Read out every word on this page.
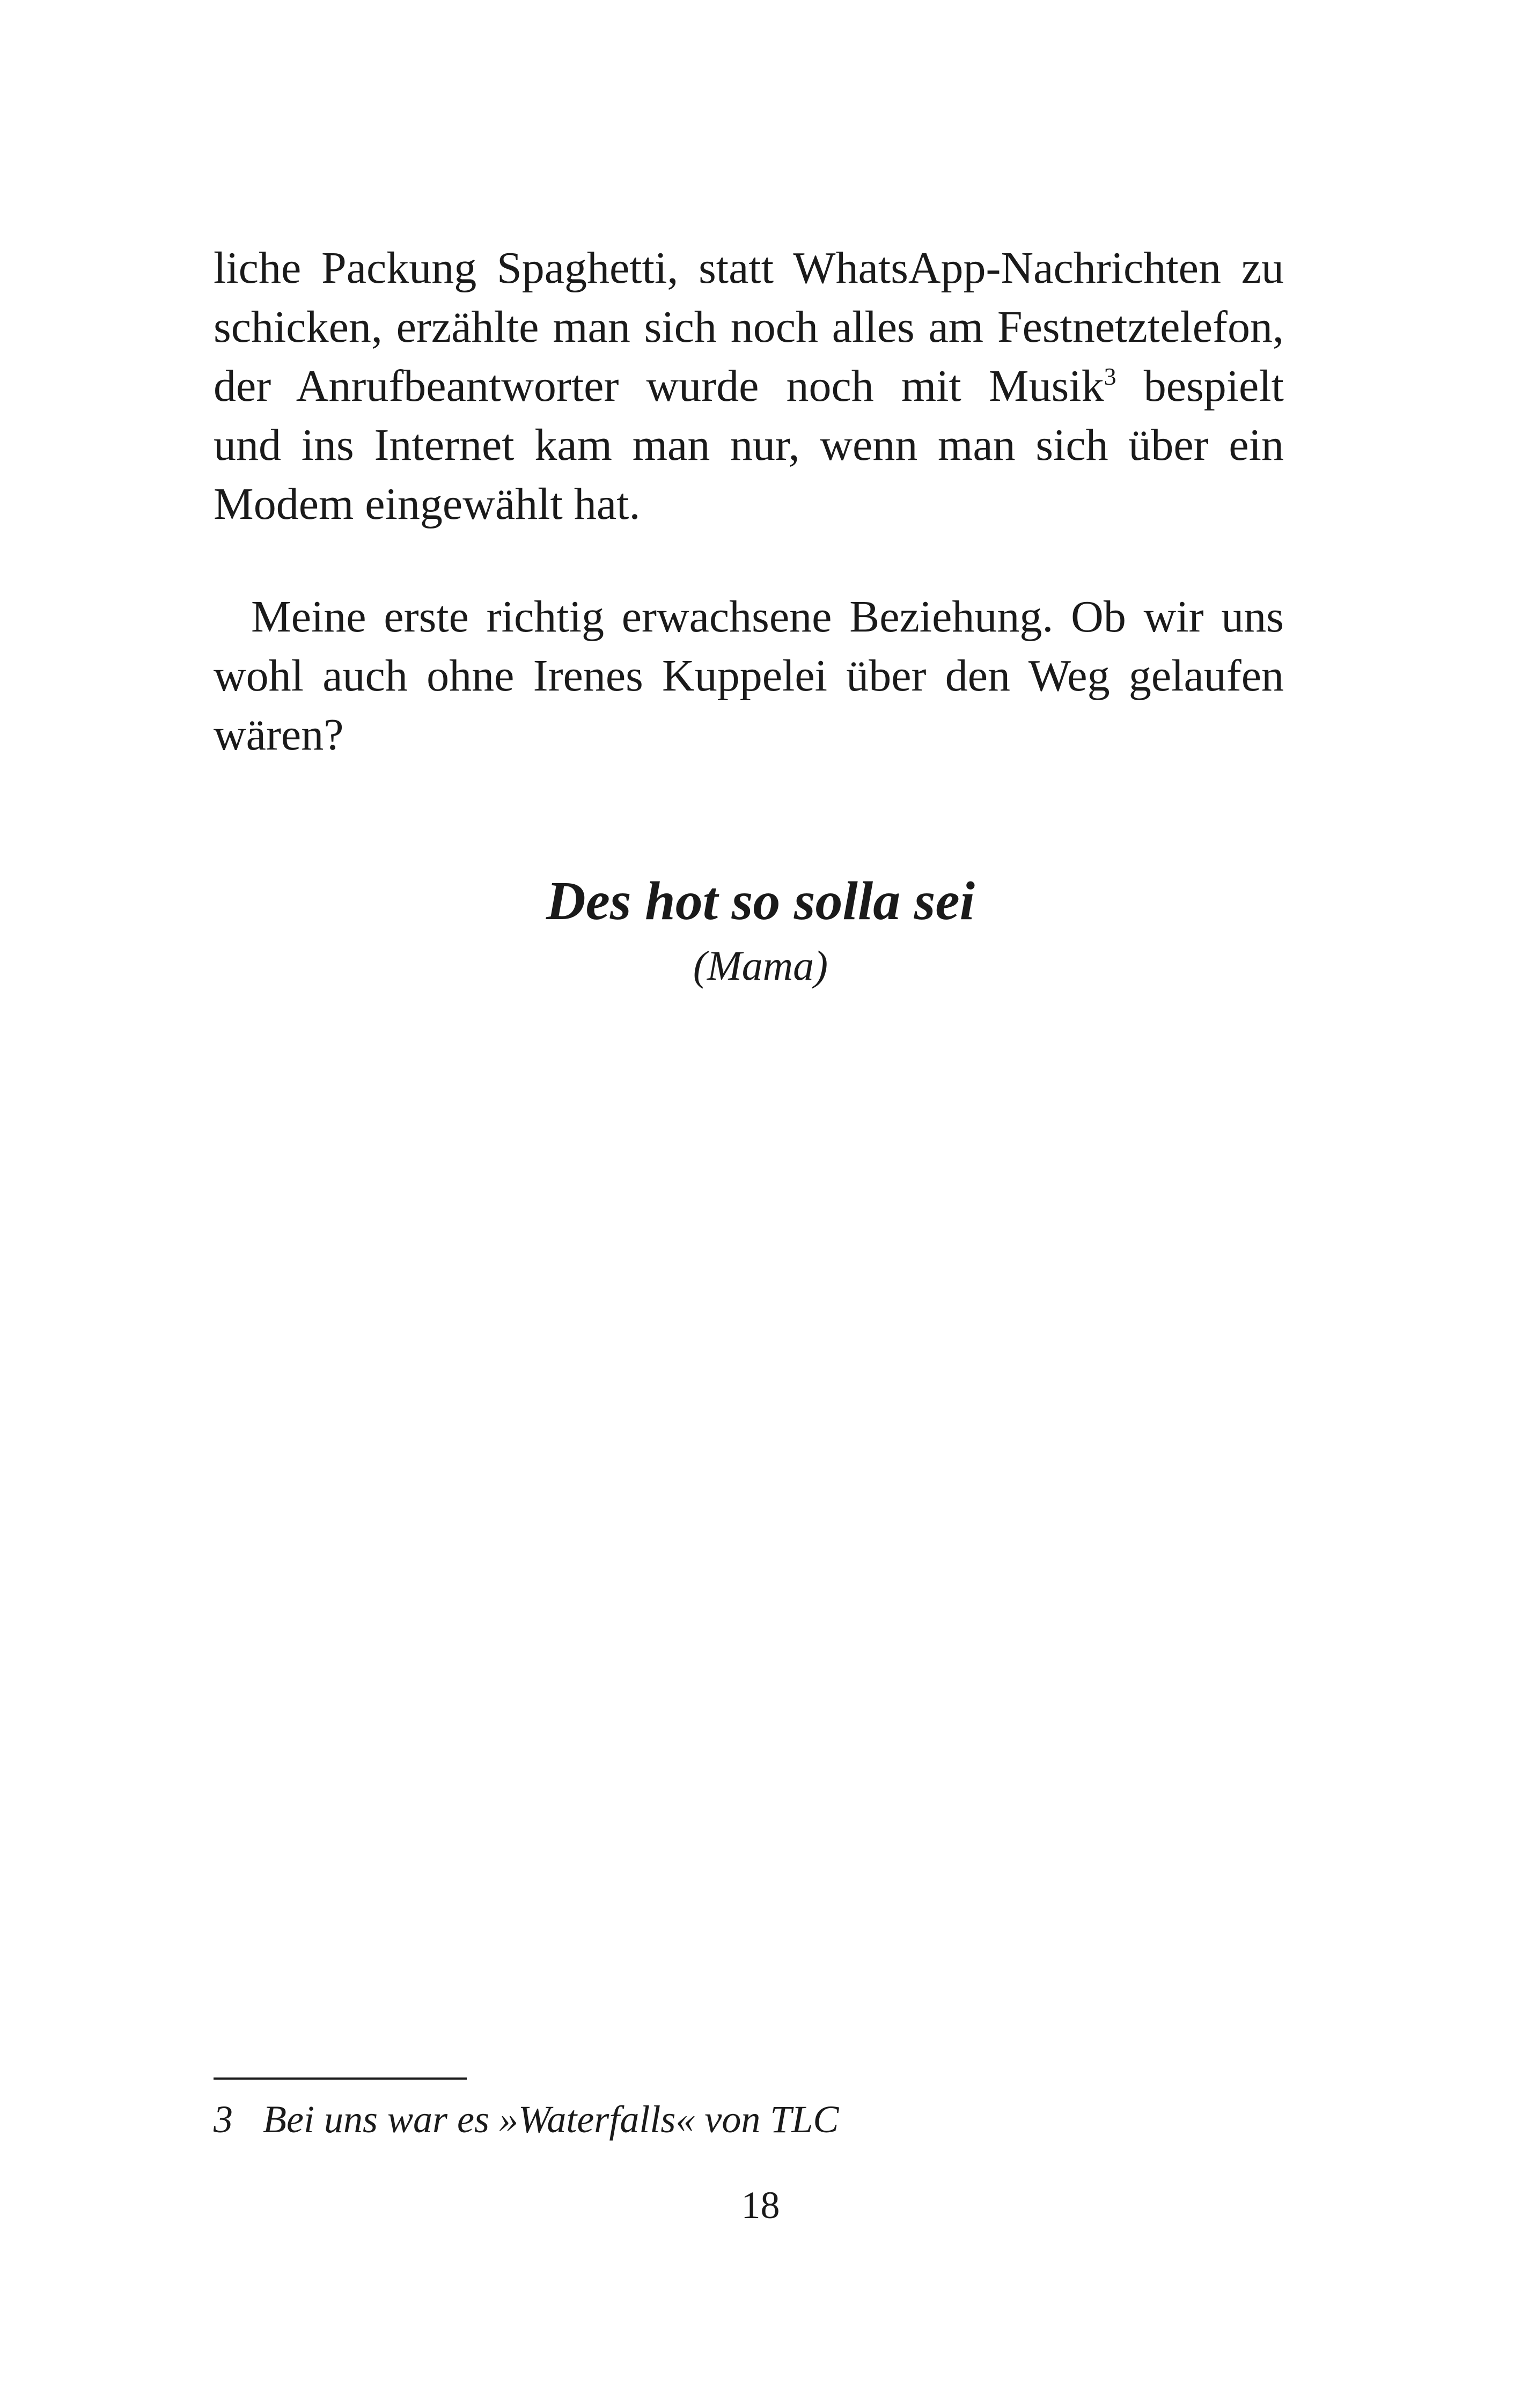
liche Packung Spaghetti, statt WhatsApp-Nachrichten zu
schicken, erzählte man sich noch alles am Festnetztelefon,
der Anrufbeantworter wurde noch mit Musik$^3$ bespielt
und ins Internet kam man nur, wenn man sich über ein
Modem eingewählt hat.
Meine erste richtig erwachsene Beziehung. Ob wir uns
wohl auch ohne Irenes Kuppelei über den Weg gelaufen
wären?
Des hot so solla sei
(Mama)
3 Bei uns war es »Waterfalls« von TLC
18
